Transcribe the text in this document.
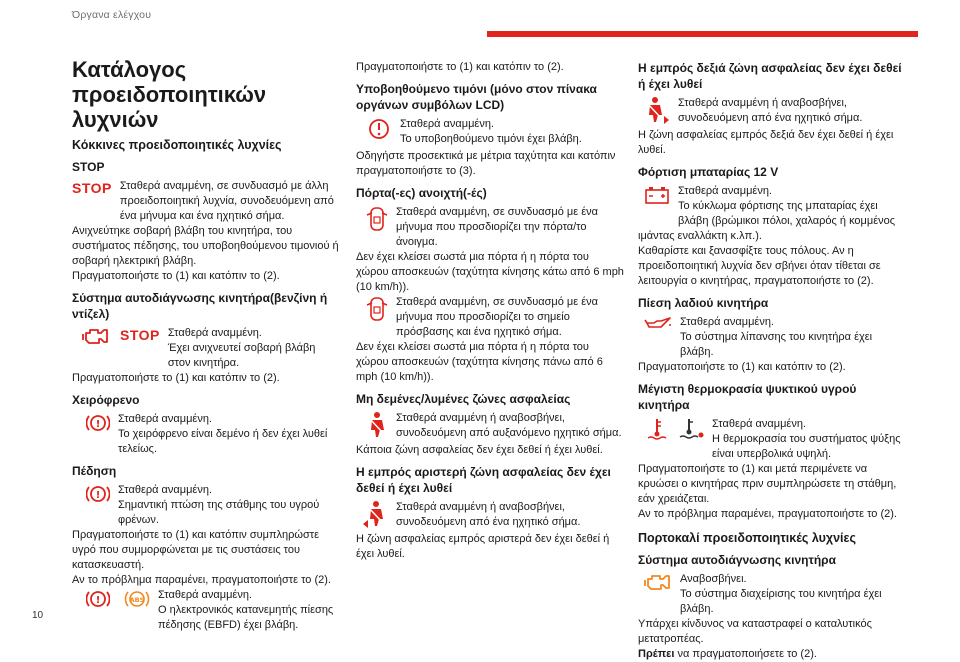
Όργανα ελέγχου
10
Κατάλογος προειδοποιητικών
λυχνιών
Κόκκινες προειδοποιητικές λυχνίες
STOP
STOP Σταθερά αναμμένη, σε συνδυασμό με άλλη προειδοποιητική λυχνία, συνοδευόμενη από ένα μήνυμα και ένα ηχητικό σήμα.
Ανιχνεύτηκε σοβαρή βλάβη του κινητήρα, του συστήματος πέδησης, του υποβοηθούμενου τιμονιού ή σοβαρή ηλεκτρική βλάβη.
Πραγματοποιήστε το (1) και κατόπιν το (2).
Σύστημα αυτοδιάγνωσης κινητήρα(βενζίνη ή ντίζελ)
STOP Σταθερά αναμμένη.
Έχει ανιχνευτεί σοβαρή βλάβη στον κινητήρα.
Πραγματοποιήστε το (1) και κατόπιν το (2).
Χειρόφρενο
!	Σταθερά αναμμένη.
Το χειρόφρενο είναι δεμένο ή δεν έχει λυθεί τελείως.
Πέδηση
!	Σταθερά αναμμένη.
Σημαντική πτώση της στάθμης του υγρού φρένων.
Πραγματοποιήστε το (1) και κατόπιν συμπληρώστε υγρό που συμμορφώνεται με τις συστάσεις του κατασκευαστή.
Αν το πρόβλημα παραμένει, πραγματοποιήστε το (2).
!	ABS	Σταθερά αναμμένη.
Ο ηλεκτρονικός κατανεμητής πίεσης πέδησης (EBFD) έχει βλάβη.
Πραγματοποιήστε το (1) και κατόπιν το (2).
Υποβοηθούμενο τιμόνι (μόνο στον πίνακα οργάνων συμβόλων LCD)
Σταθερά αναμμένη.
Το υποβοηθούμενο τιμόνι έχει βλάβη.
Οδηγήστε προσεκτικά με μέτρια ταχύτητα και κατόπιν πραγματοποιήστε το (3).
Πόρτα(-ες) ανοιχτή(-ές)
Σταθερά αναμμένη, σε συνδυασμό με ένα μήνυμα που προσδιορίζει την πόρτα/το άνοιγμα.
Δεν έχει κλείσει σωστά μια πόρτα ή η πόρτα του χώρου αποσκευών (ταχύτητα κίνησης κάτω από 6 mph (10 km/h)).
Σταθερά αναμμένη, σε συνδυασμό με ένα μήνυμα που προσδιορίζει το σημείο πρόσβασης και ένα ηχητικό σήμα.
Δεν έχει κλείσει σωστά μια πόρτα ή η πόρτα του χώρου αποσκευών (ταχύτητα κίνησης πάνω από 6 mph (10 km/h)).
Μη δεμένες/λυμένες ζώνες ασφαλείας
Σταθερά αναμμένη ή αναβοσβήνει, συνοδευόμενη από αυξανόμενο ηχητικό σήμα.
Κάποια ζώνη ασφαλείας δεν έχει δεθεί ή έχει λυθεί.
Η εμπρός αριστερή ζώνη ασφαλείας δεν έχει δεθεί ή έχει λυθεί
Σταθερά αναμμένη ή αναβοσβήνει, συνοδευόμενη από ένα ηχητικό σήμα.
Η ζώνη ασφαλείας εμπρός αριστερά δεν έχει δεθεί ή έχει λυθεί.
Η εμπρός δεξιά ζώνη ασφαλείας δεν έχει δεθεί ή έχει λυθεί
Σταθερά αναμμένη ή αναβοσβήνει, συνοδευόμενη από ένα ηχητικό σήμα.
Η ζώνη ασφαλείας εμπρός δεξιά δεν έχει δεθεί ή έχει λυθεί.
Φόρτιση μπαταρίας 12 V
Σταθερά αναμμένη.
Το κύκλωμα φόρτισης της μπαταρίας έχει βλάβη (βρώμικοι πόλοι, χαλαρός ή κομμένος ιμάντας εναλλάκτη κ.λπ.).
Καθαρίστε και ξανασφίξτε τους πόλους. Αν η προειδοποιητική λυχνία δεν σβήνει όταν τίθεται σε λειτουργία ο κινητήρας, πραγματοποιήστε το (2).
Πίεση λαδιού κινητήρα
Σταθερά αναμμένη.
Το σύστημα λίπανσης του κινητήρα έχει βλάβη.
Πραγματοποιήστε το (1) και κατόπιν το (2).
Μέγιστη θερμοκρασία ψυκτικού υγρού κινητήρα
Σταθερά αναμμένη.
Η θερμοκρασία του συστήματος ψύξης είναι υπερβολικά υψηλή.
Πραγματοποιήστε το (1) και μετά περιμένετε να κρυώσει ο κινητήρας πριν συμπληρώσετε τη στάθμη, εάν χρειάζεται.
Αν το πρόβλημα παραμένει, πραγματοποιήστε το (2).
Πορτοκαλί προειδοποιητικές λυχνίες
Σύστημα αυτοδιάγνωσης κινητήρα
Αναβοσβήνει.
Το σύστημα διαχείρισης του κινητήρα έχει βλάβη.
Υπάρχει κίνδυνος να καταστραφεί ο καταλυτικός μετατροπέας.
Πρέπει να πραγματοποιήσετε το (2).
